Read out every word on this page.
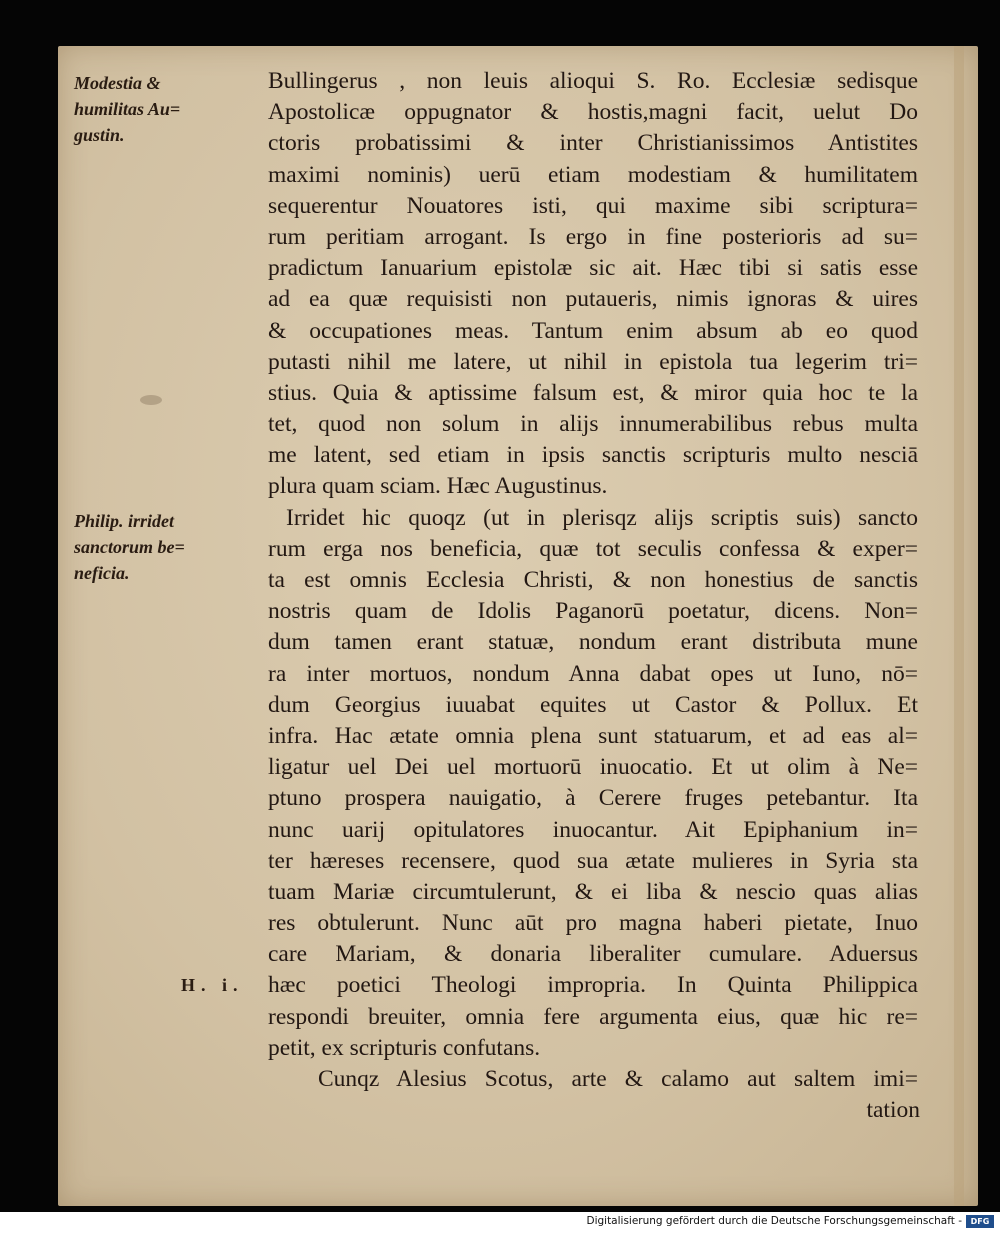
Modestia &
humilitas Au=
gustin.
Philip. irridet
sanctorum be=
neficia.
H. i.
Bullingerus , non leuis alioqui S. Ro. Ecclesiæ sedisque
Apostolicæ oppugnator & hostis,magni facit, uelut Do
ctoris probatissimi & inter Christianissimos Antistites
maximi nominis) uerū etiam modestiam & humilitatem
sequerentur Nouatores isti, qui maxime sibi scriptura=
rum peritiam arrogant. Is ergo in fine posterioris ad su=
pradictum Ianuarium epistolæ sic ait. Hæc tibi si satis esse
ad ea quæ requisisti non putaueris, nimis ignoras & uires
& occupationes meas. Tantum enim absum ab eo quod
putasti nihil me latere, ut nihil in epistola tua legerim tri=
stius. Quia & aptissime falsum est, & miror quia hoc te la
tet, quod non solum in alijs innumerabilibus rebus multa
me latent, sed etiam in ipsis sanctis scripturis multo nesciā
plura quam sciam. Hæc Augustinus.
Irridet hic quoqz (ut in plerisqz alijs scriptis suis) sancto
rum erga nos beneficia, quæ tot seculis confessa & exper=
ta est omnis Ecclesia Christi, & non honestius de sanctis
nostris quam de Idolis Paganorū poetatur, dicens. Non=
dum tamen erant statuæ, nondum erant distributa mune
ra inter mortuos, nondum Anna dabat opes ut Iuno, nō=
dum Georgius iuuabat equites ut Castor & Pollux. Et
infra. Hac ætate omnia plena sunt statuarum, et ad eas al=
ligatur uel Dei uel mortuorū inuocatio. Et ut olim à Ne=
ptuno prospera nauigatio, à Cerere fruges petebantur. Ita
nunc uarij opitulatores inuocantur. Ait Epiphanium in=
ter hæreses recensere, quod sua ætate mulieres in Syria sta
tuam Mariæ circumtulerunt, & ei liba & nescio quas alias
res obtulerunt. Nunc aūt pro magna haberi pietate, Inuo
care Mariam, & donaria liberaliter cumulare. Aduersus
hæc poetici Theologi impropria. In Quinta Philippica
respondi breuiter, omnia fere argumenta eius, quæ hic re=
petit, ex scripturis confutans.
Cunqz Alesius Scotus, arte & calamo aut saltem imi=
tation
Digitalisierung gefördert durch die Deutsche Forschungsgemeinschaft -	DFG
